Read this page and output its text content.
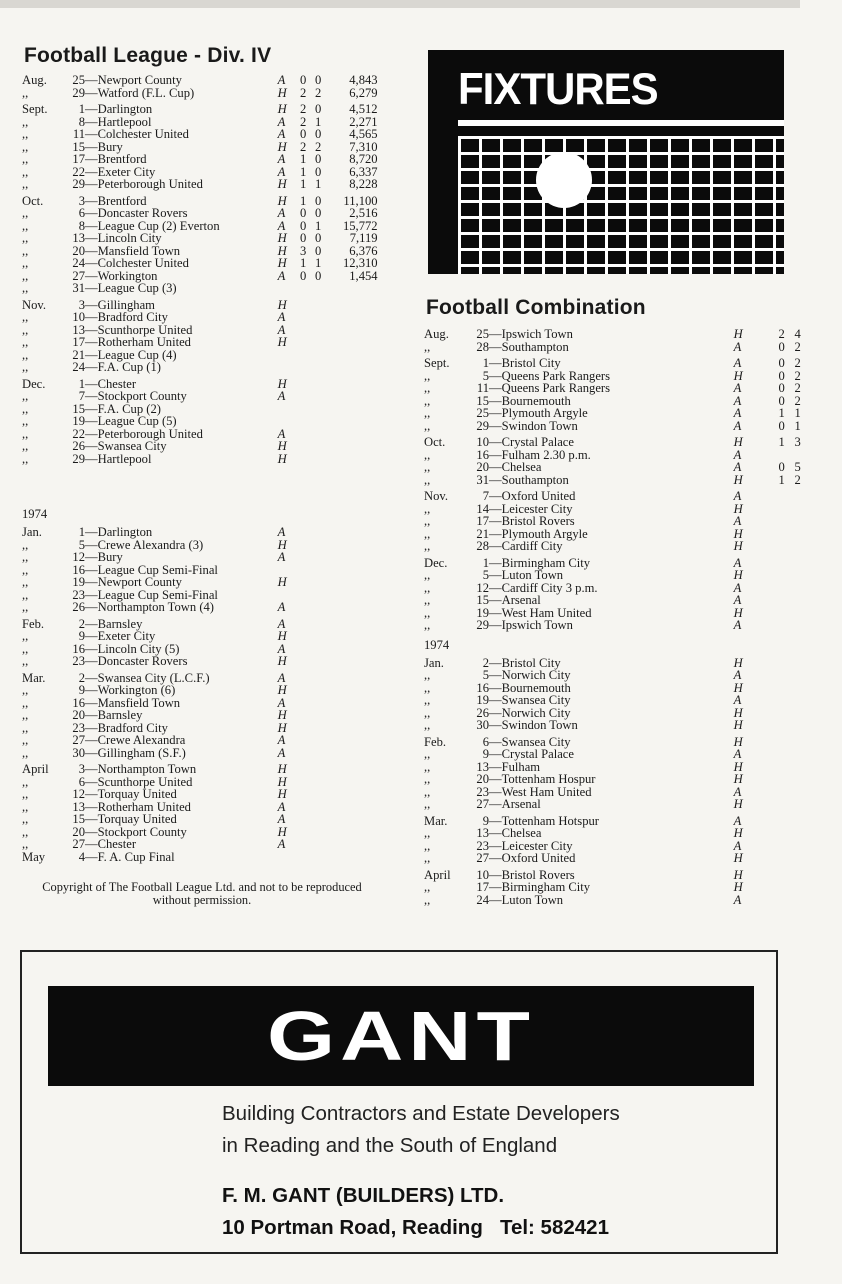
Football League - Div. IV
Aug.	25 — Newport County	A	0 0	4,843
,,	29 — Watford (F.L. Cup)	H	2 2	6,279
Sept.	1 — Darlington	H	2 0	4,512
,,	8 — Hartlepool	A	2 1	2,271
,,	11 — Colchester United	A	0 0	4,565
,,	15 — Bury	H	2 2	7,310
,,	17 — Brentford	A	1 0	8,720
,,	22 — Exeter City	A	1 0	6,337
,,	29 — Peterborough United	H	1 1	8,228
Oct.	3 — Brentford	H	1 0	11,100
,,	6 — Doncaster Rovers	A	0 0	2,516
,,	8 — League Cup (2) Everton	A	0 1	15,772
,,	13 — Lincoln City	H	0 0	7,119
,,	20 — Mansfield Town	H	3 0	6,376
,,	24 — Colchester United	H	1 1	12,310
,,	27 — Workington	A	0 0	1,454
,,	31 — League Cup (3)
Nov.	3 — Gillingham	H
,,	10 — Bradford City	A
,,	13 — Scunthorpe United	A
,,	17 — Rotherham United	H
,,	21 — League Cup (4)
,,	24 — F.A. Cup (1)
Dec.	1 — Chester	H
,,	7 — Stockport County	A
,,	15 — F.A. Cup (2)
,,	19 — League Cup (5)
,,	22 — Peterborough United	A
,,	26 — Swansea City	H
,,	29 — Hartlepool	H
1974
Jan.	1 — Darlington	A
,,	5 — Crewe Alexandra (3)	H
,,	12 — Bury	A
,,	16 — League Cup Semi-Final
,,	19 — Newport County	H
,,	23 — League Cup Semi-Final
,,	26 — Northampton Town (4)	A
Feb.	2 — Barnsley	A
,,	9 — Exeter City	H
,,	16 — Lincoln City (5)	A
,,	23 — Doncaster Rovers	H
Mar.	2 — Swansea City (L.C.F.)	A
,,	9 — Workington (6)	H
,,	16 — Mansfield Town	A
,,	20 — Barnsley	H
,,	23 — Bradford City	H
,,	27 — Crewe Alexandra	A
,,	30 — Gillingham (S.F.)	A
April	3 — Northampton Town	H
,,	6 — Scunthorpe United	H
,,	12 — Torquay United	H
,,	13 — Rotherham United	A
,,	15 — Torquay United	A
,,	20 — Stockport County	H
,,	27 — Chester	A
May	4 — F. A. Cup Final
Copyright of The Football League Ltd. and not to be reproduced without permission.
FIXTURES
Football Combination
Aug.	25 — Ipswich Town	H	2 4
,,	28 — Southampton	A	0 2
Sept.	1 — Bristol City	A	0 2
,,	5 — Queens Park Rangers	H	0 2
,,	11 — Queens Park Rangers	A	0 2
,,	15 — Bournemouth	A	0 2
,,	25 — Plymouth Argyle	A	1 1
,,	29 — Swindon Town	A	0 1
Oct.	10 — Crystal Palace	H	1 3
,,	16 — Fulham 2.30 p.m.	A
,,	20 — Chelsea	A	0 5
,,	31 — Southampton	H	1 2
Nov.	7 — Oxford United	A
,,	14 — Leicester City	H
,,	17 — Bristol Rovers	A
,,	21 — Plymouth Argyle	H
,,	28 — Cardiff City	H
Dec.	1 — Birmingham City	A
,,	5 — Luton Town	H
,,	12 — Cardiff City 3 p.m.	A
,,	15 — Arsenal	A
,,	19 — West Ham United	H
,,	29 — Ipswich Town	A
1974
Jan.	2 — Bristol City	H
,,	5 — Norwich City	A
,,	16 — Bournemouth	H
,,	19 — Swansea City	A
,,	26 — Norwich City	H
,,	30 — Swindon Town	H
Feb.	6 — Swansea City	H
,,	9 — Crystal Palace	A
,,	13 — Fulham	H
,,	20 — Tottenham Hospur	H
,,	23 — West Ham United	A
,,	27 — Arsenal	H
Mar.	9 — Tottenham Hotspur	A
,,	13 — Chelsea	H
,,	23 — Leicester City	A
,,	27 — Oxford United	H
April	10 — Bristol Rovers	H
,,	17 — Birmingham City	H
,,	24 — Luton Town	A
GANT
Building Contractors and Estate Developers
in Reading and the South of England
F. M. GANT (BUILDERS) LTD.
10 Portman Road, Reading   Tel: 582421
